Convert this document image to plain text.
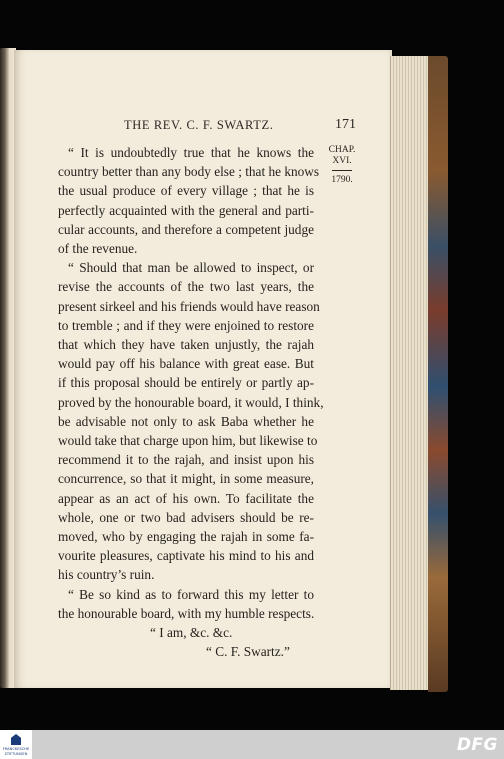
THE REV. C. F. SWARTZ.	171
CHAP.
XVI.
1790.
“ It is undoubtedly true that he knows the
country better than any body else ; that he knows
the usual produce of every village ; that he is
perfectly acquainted with the general and parti-
cular accounts, and therefore a competent judge
of the revenue.
“ Should that man be allowed to inspect, or
revise the accounts of the two last years, the
present sirkeel and his friends would have reason
to tremble ; and if they were enjoined to restore
that which they have taken unjustly, the rajah
would pay off his balance with great ease. But
if this proposal should be entirely or partly ap-
proved by the honourable board, it would, I think,
be advisable not only to ask Baba whether he
would take that charge upon him, but likewise to
recommend it to the rajah, and insist upon his
concurrence, so that it might, in some measure,
appear as an act of his own. To facilitate the
whole, one or two bad advisers should be re-
moved, who by engaging the rajah in some fa-
vourite pleasures, captivate his mind to his and
his country’s ruin.
“ Be so kind as to forward this my letter to
the honourable board, with my humble respects.
“ I am, &c. &c.
“ C. F. Swartz.”
FRANCKESCHE STIFTUNGEN	DFG
